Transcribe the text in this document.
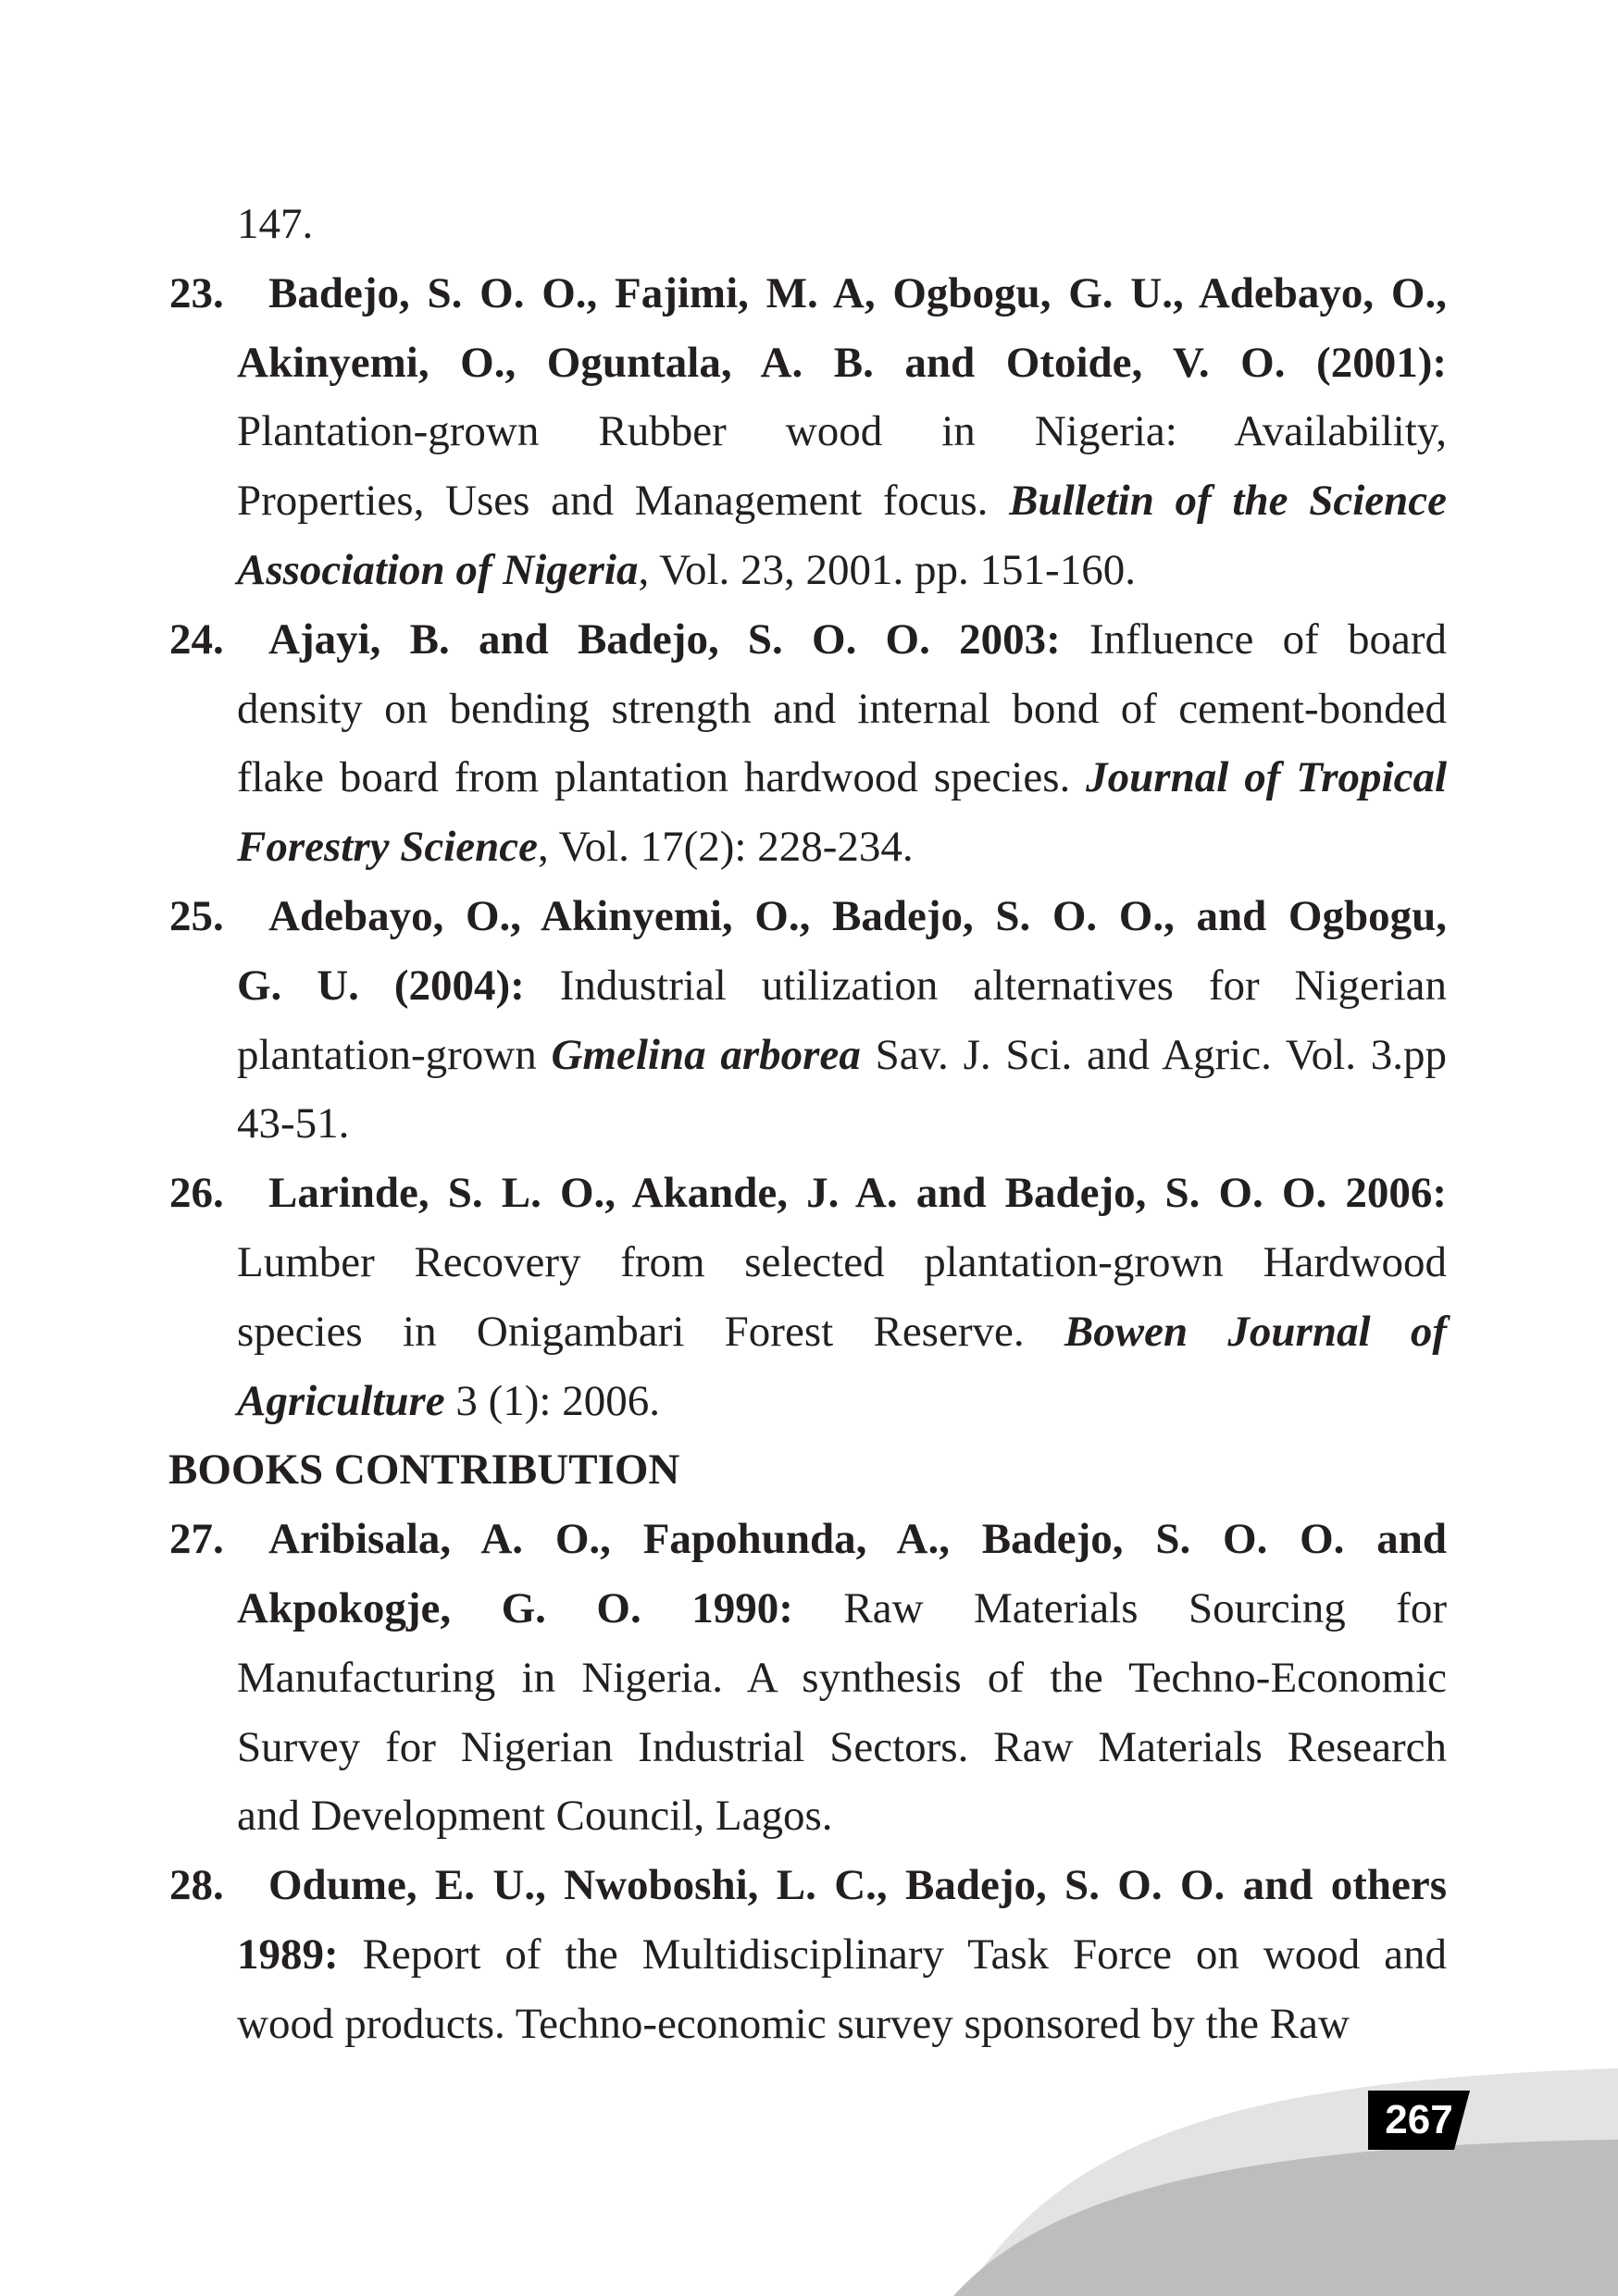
267
147.
23. Badejo, S. O. O., Fajimi, M. A, Ogbogu, G. U., Adebayo, O.,
Akinyemi, O., Oguntala, A. B. and Otoide, V. O. (2001):
Plantation-grown Rubber wood in Nigeria: Availability,
Properties, Uses and Management focus. Bulletin of the Science
Association of Nigeria, Vol. 23, 2001. pp. 151-160.
24. Ajayi, B. and Badejo, S. O. O. 2003: Influence of board
density on bending strength and internal bond of cement-bonded
flake board from plantation hardwood species. Journal of Tropical
Forestry Science, Vol. 17(2): 228-234.
25. Adebayo, O., Akinyemi, O., Badejo, S. O. O., and Ogbogu,
G. U. (2004): Industrial utilization alternatives for Nigerian
plantation-grown Gmelina arborea Sav. J. Sci. and Agric. Vol. 3.pp
43-51.
26. Larinde, S. L. O., Akande, J. A. and Badejo, S. O. O. 2006:
Lumber Recovery from selected plantation-grown Hardwood
species in Onigambari Forest Reserve. Bowen Journal of
Agriculture 3 (1): 2006.
BOOKS CONTRIBUTION
27. Aribisala, A. O., Fapohunda, A., Badejo, S. O. O. and
Akpokogje, G. O. 1990: Raw Materials Sourcing for
Manufacturing in Nigeria. A synthesis of the Techno-Economic
Survey for Nigerian Industrial Sectors. Raw Materials Research
and Development Council, Lagos.
28. Odume, E. U., Nwoboshi, L. C., Badejo, S. O. O. and others
1989: Report of the Multidisciplinary Task Force on wood and
wood products. Techno-economic survey sponsored by the Raw
